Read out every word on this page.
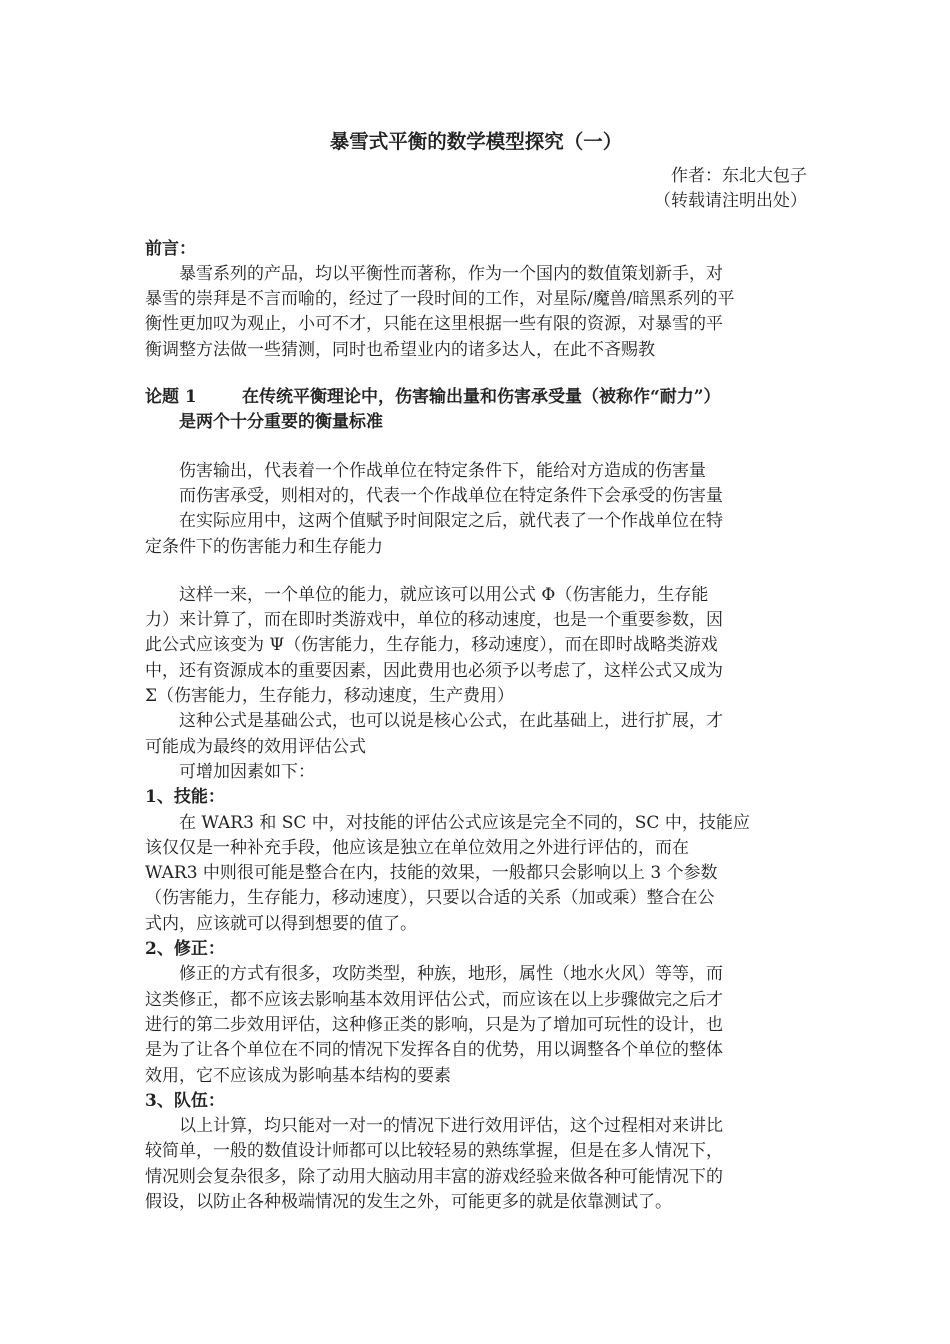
暴雪式平衡的数学模型探究（一）
作者：东北大包子
（转载请注明出处）
前言：
暴雪系列的产品，均以平衡性而著称，作为一个国内的数值策划新手，对
暴雪的崇拜是不言而喻的，经过了一段时间的工作，对星际/魔兽/暗黑系列的平
衡性更加叹为观止，小可不才，只能在这里根据一些有限的资源，对暴雪的平
衡调整方法做一些猜测，同时也希望业内的诸多达人，在此不吝赐教
论题 1	在传统平衡理论中，伤害输出量和伤害承受量（被称作“耐力”）
是两个十分重要的衡量标准
伤害输出，代表着一个作战单位在特定条件下，能给对方造成的伤害量
而伤害承受，则相对的，代表一个作战单位在特定条件下会承受的伤害量
在实际应用中，这两个值赋予时间限定之后，就代表了一个作战单位在特
定条件下的伤害能力和生存能力
这样一来，一个单位的能力，就应该可以用公式 Φ（伤害能力，生存能
力）来计算了，而在即时类游戏中，单位的移动速度，也是一个重要参数，因
此公式应该变为 Ψ（伤害能力，生存能力，移动速度），而在即时战略类游戏
中，还有资源成本的重要因素，因此费用也必须予以考虑了，这样公式又成为
Σ（伤害能力，生存能力，移动速度，生产费用）
这种公式是基础公式，也可以说是核心公式，在此基础上，进行扩展，才
可能成为最终的效用评估公式
可增加因素如下：
1、技能：
在 WAR3 和 SC 中，对技能的评估公式应该是完全不同的，SC 中，技能应
该仅仅是一种补充手段，他应该是独立在单位效用之外进行评估的，而在
WAR3 中则很可能是整合在内，技能的效果，一般都只会影响以上 3 个参数
（伤害能力，生存能力，移动速度），只要以合适的关系（加或乘）整合在公
式内，应该就可以得到想要的值了。
2、修正：
修正的方式有很多，攻防类型，种族，地形，属性（地水火风）等等，而
这类修正，都不应该去影响基本效用评估公式，而应该在以上步骤做完之后才
进行的第二步效用评估，这种修正类的影响，只是为了增加可玩性的设计，也
是为了让各个单位在不同的情况下发挥各自的优势，用以调整各个单位的整体
效用，它不应该成为影响基本结构的要素
3、队伍：
以上计算，均只能对一对一的情况下进行效用评估，这个过程相对来讲比
较简单，一般的数值设计师都可以比较轻易的熟练掌握，但是在多人情况下，
情况则会复杂很多，除了动用大脑动用丰富的游戏经验来做各种可能情况下的
假设，以防止各种极端情况的发生之外，可能更多的就是依靠测试了。
